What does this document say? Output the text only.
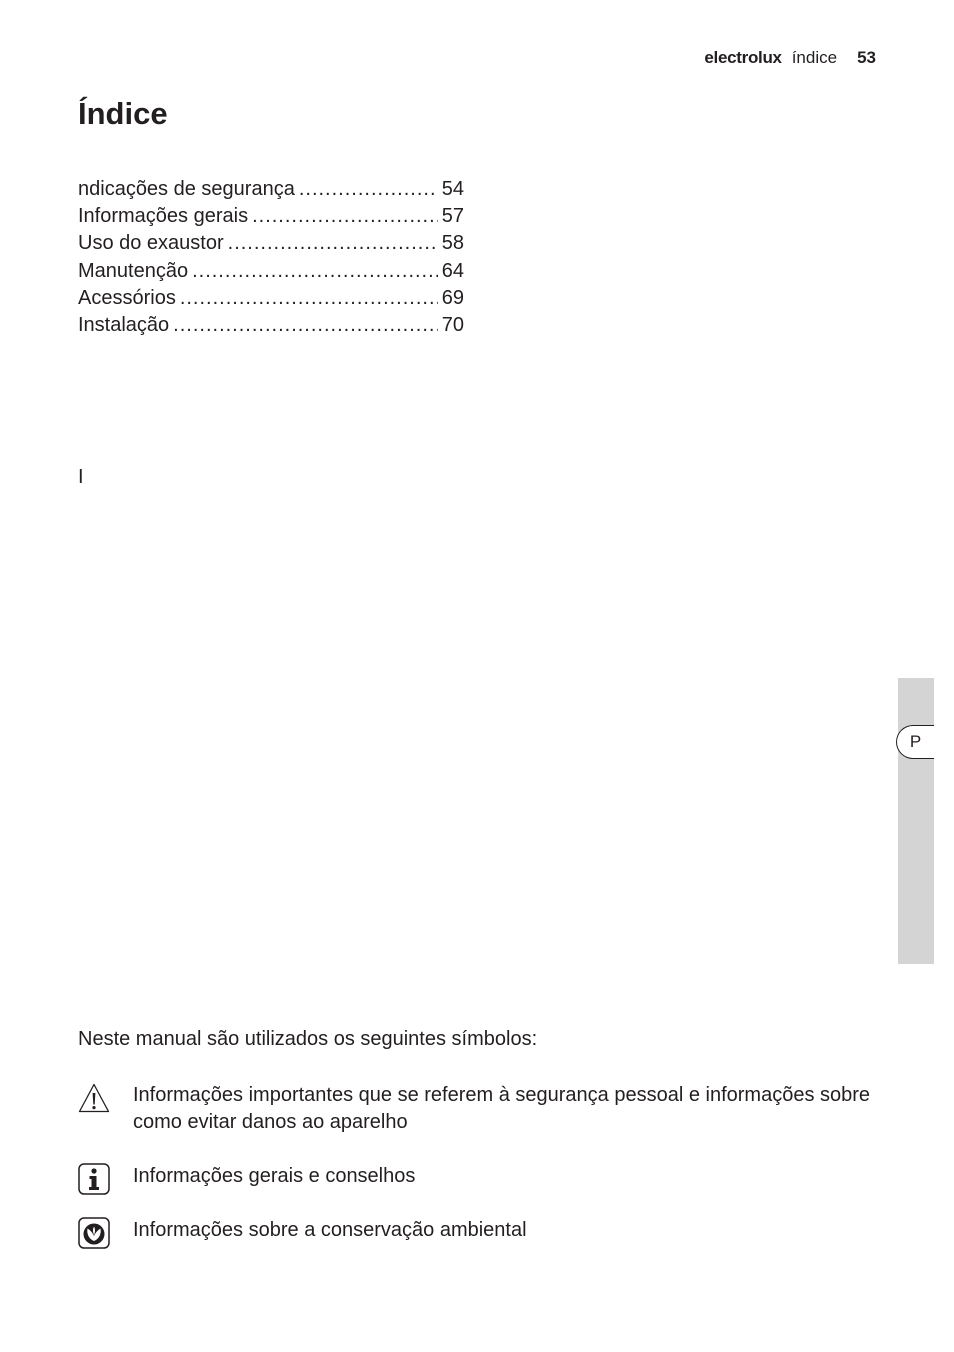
electrolux índice 53
Índice
ndicações de segurança .....	54
Informações gerais .....	57
Uso do exaustor .....	58
Manutenção .....	64
Acessórios .....	69
Instalação .....	70
I
P
Neste manual são utilizados os seguintes símbolos:
Informações importantes que se referem à segurança pessoal e informações sobre como evitar danos ao aparelho
Informações gerais e conselhos
Informações sobre a conservação ambiental
